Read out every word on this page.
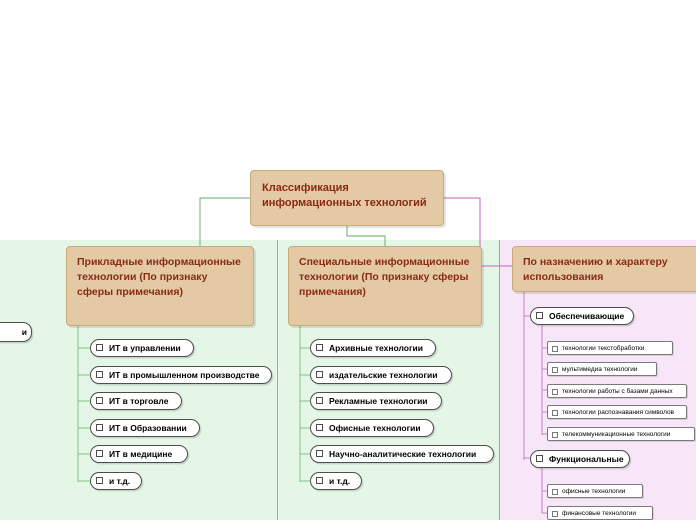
Классификация информационных технологий
и
Прикладные информационные технологии (По признаку сферы примечания)
ИТ в управлении
ИТ в промышленном производстве
ИТ в торговле
ИТ в Образовании
ИТ в медицине
и т.д.
Специальные информационные технологии (По признаку сферы примечания)
Архивные технологии
издательские технологии
Рекламные технологии
Офисные технологии
Научно-аналитические технологии
и т.д.
По назначению и характеру использования
Обеспечивающие
технологии текстобработки
мультимедиа технологии
технологии работы с базами данных
технологии распознавания символов
телекоммуникационные технологии
Функциональные
офисные технологии
финансовые технологии
